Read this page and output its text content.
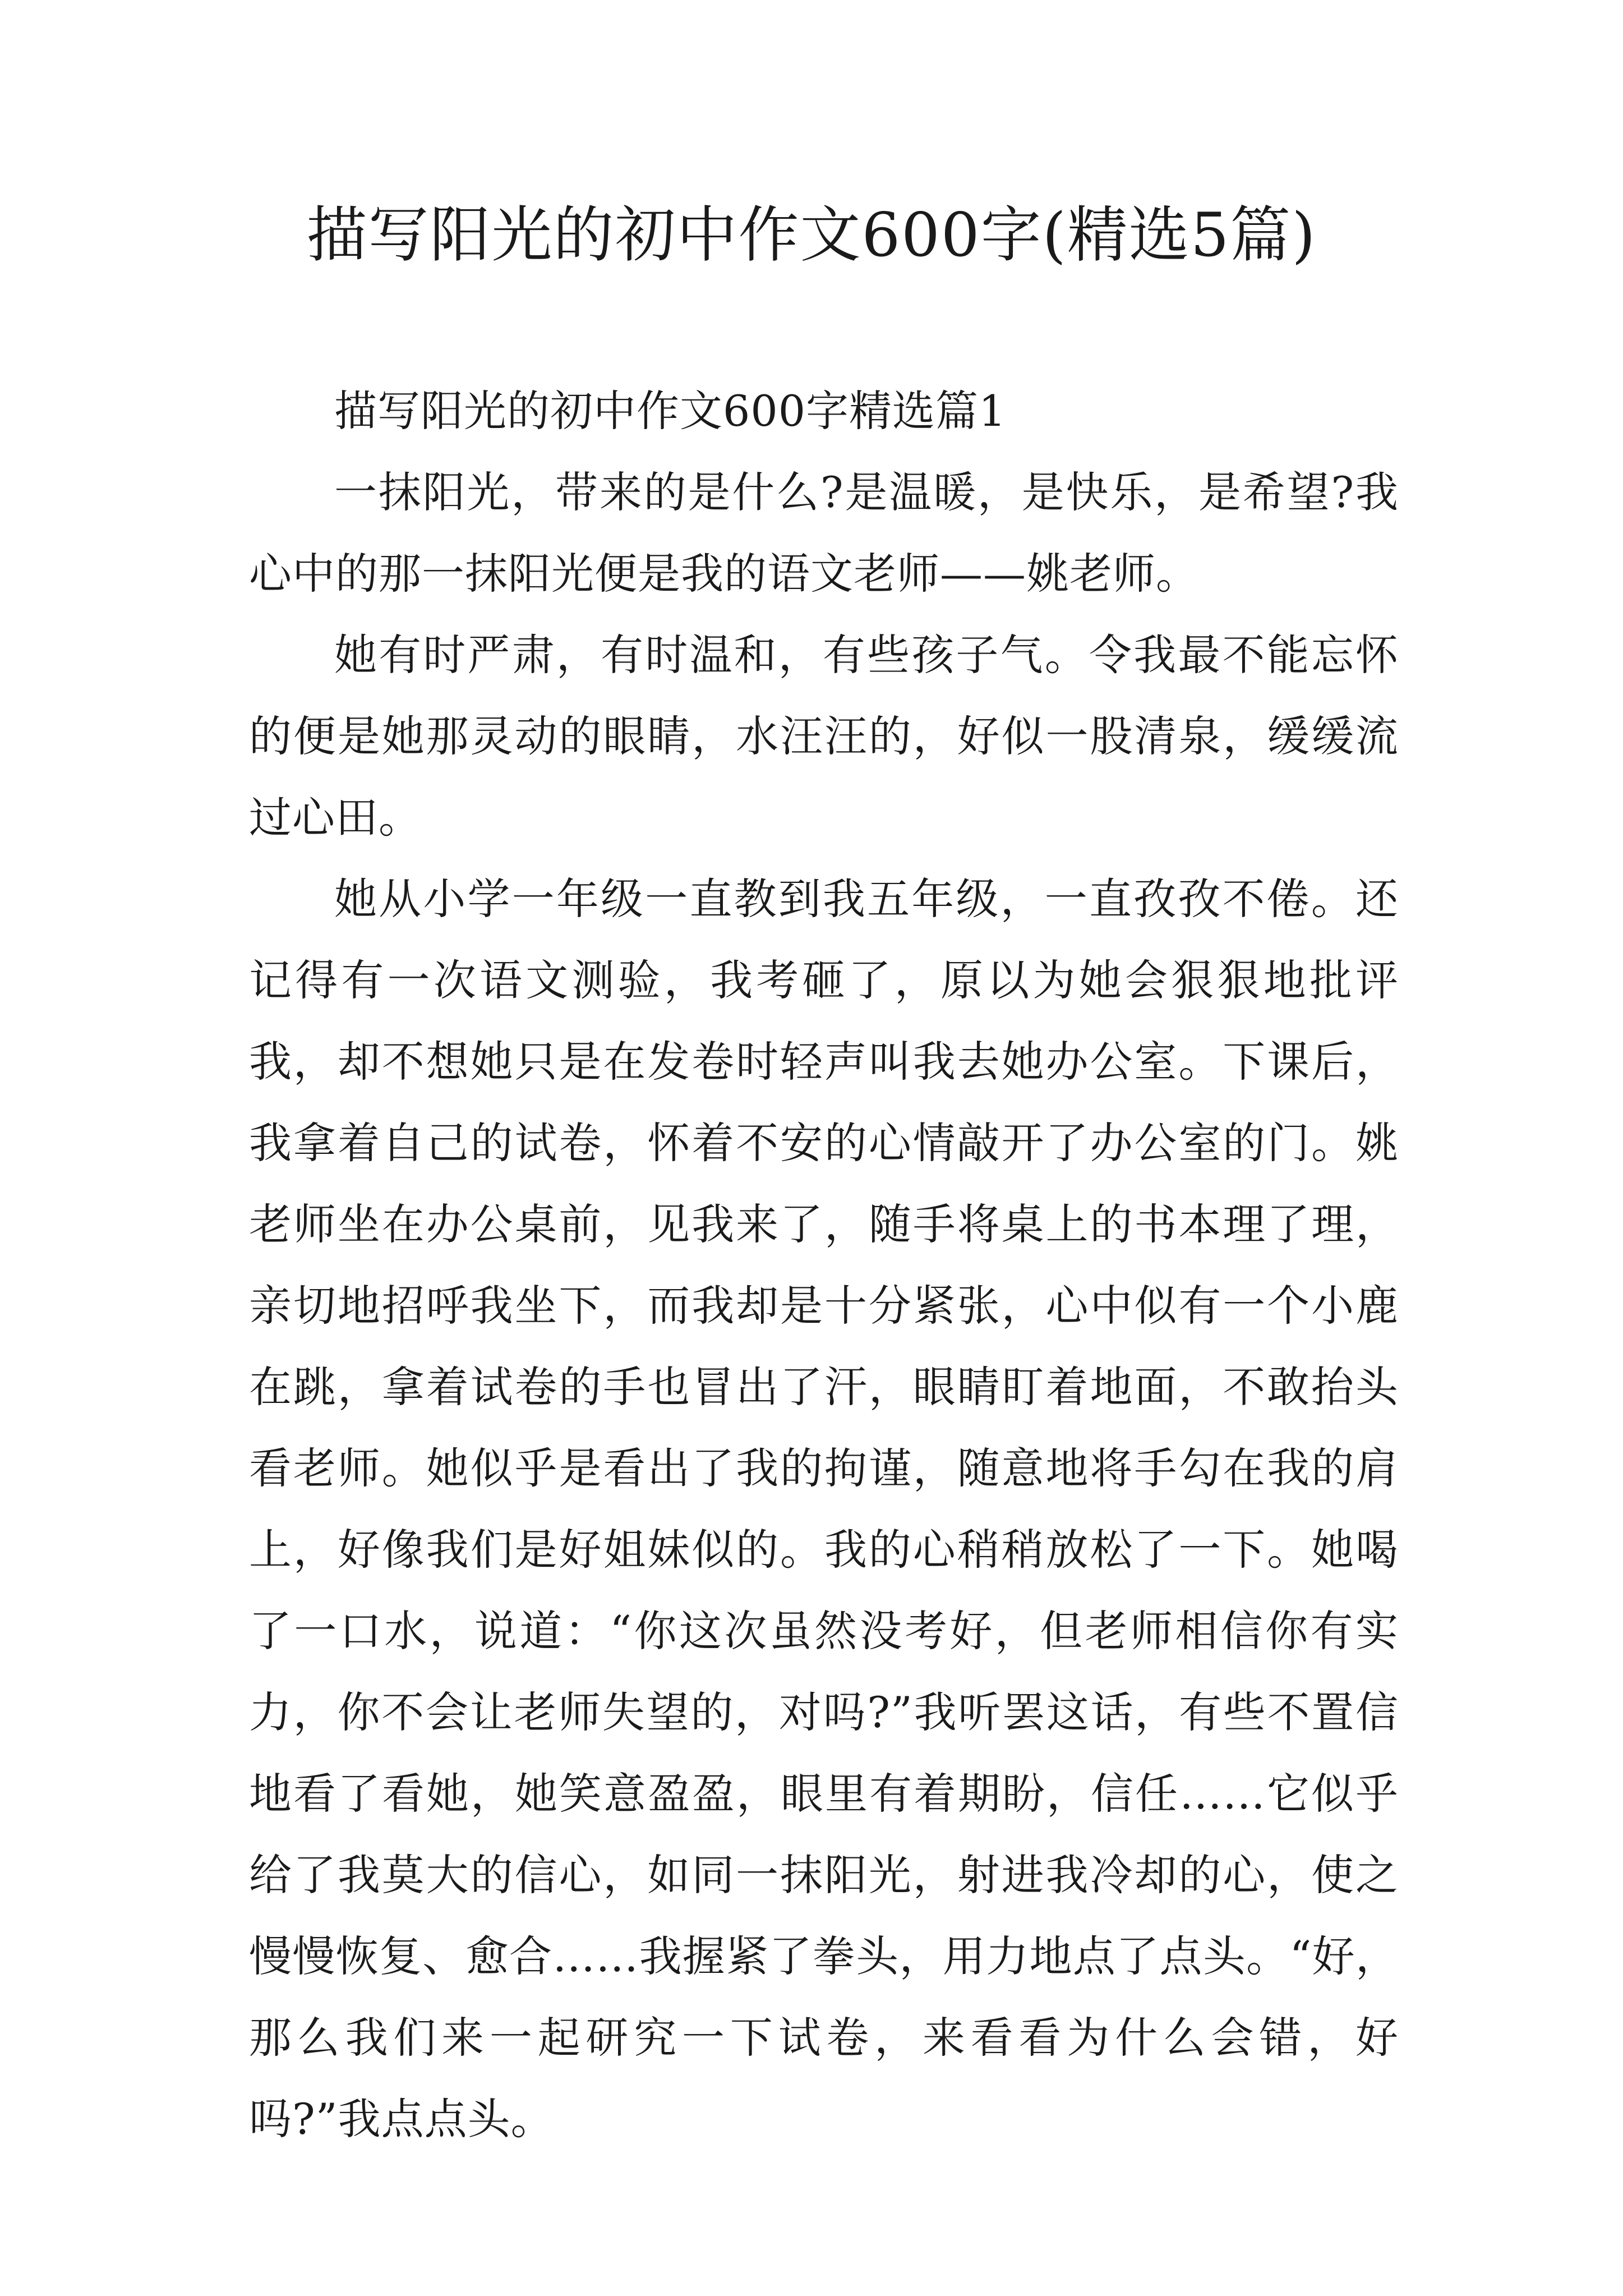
描写阳光的初中作文600字(精选5篇)

描写阳光的初中作文600字精选篇1

一抹阳光，带来的是什么?是温暖，是快乐，是希望?我心中的那一抹阳光便是我的语文老师——姚老师。

她有时严肃，有时温和，有些孩子气。令我最不能忘怀的便是她那灵动的眼睛，水汪汪的，好似一股清泉，缓缓流过心田。

她从小学一年级一直教到我五年级，一直孜孜不倦。还记得有一次语文测验，我考砸了，原以为她会狠狠地批评我，却不想她只是在发卷时轻声叫我去她办公室。下课后，我拿着自己的试卷，怀着不安的心情敲开了办公室的门。姚老师坐在办公桌前，见我来了，随手将桌上的书本理了理，亲切地招呼我坐下，而我却是十分紧张，心中似有一个小鹿在跳，拿着试卷的手也冒出了汗，眼睛盯着地面，不敢抬头看老师。她似乎是看出了我的拘谨，随意地将手勾在我的肩上，好像我们是好姐妹似的。我的心稍稍放松了一下。她喝了一口水，说道：“你这次虽然没考好，但老师相信你有实力，你不会让老师失望的，对吗?”我听罢这话，有些不置信地看了看她，她笑意盈盈，眼里有着期盼，信任……它似乎给了我莫大的信心，如同一抹阳光，射进我冷却的心，使之慢慢恢复、愈合……我握紧了拳头，用力地点了点头。“好，那么我们来一起研究一下试卷，来看看为什么会错，好吗?”我点点头。
